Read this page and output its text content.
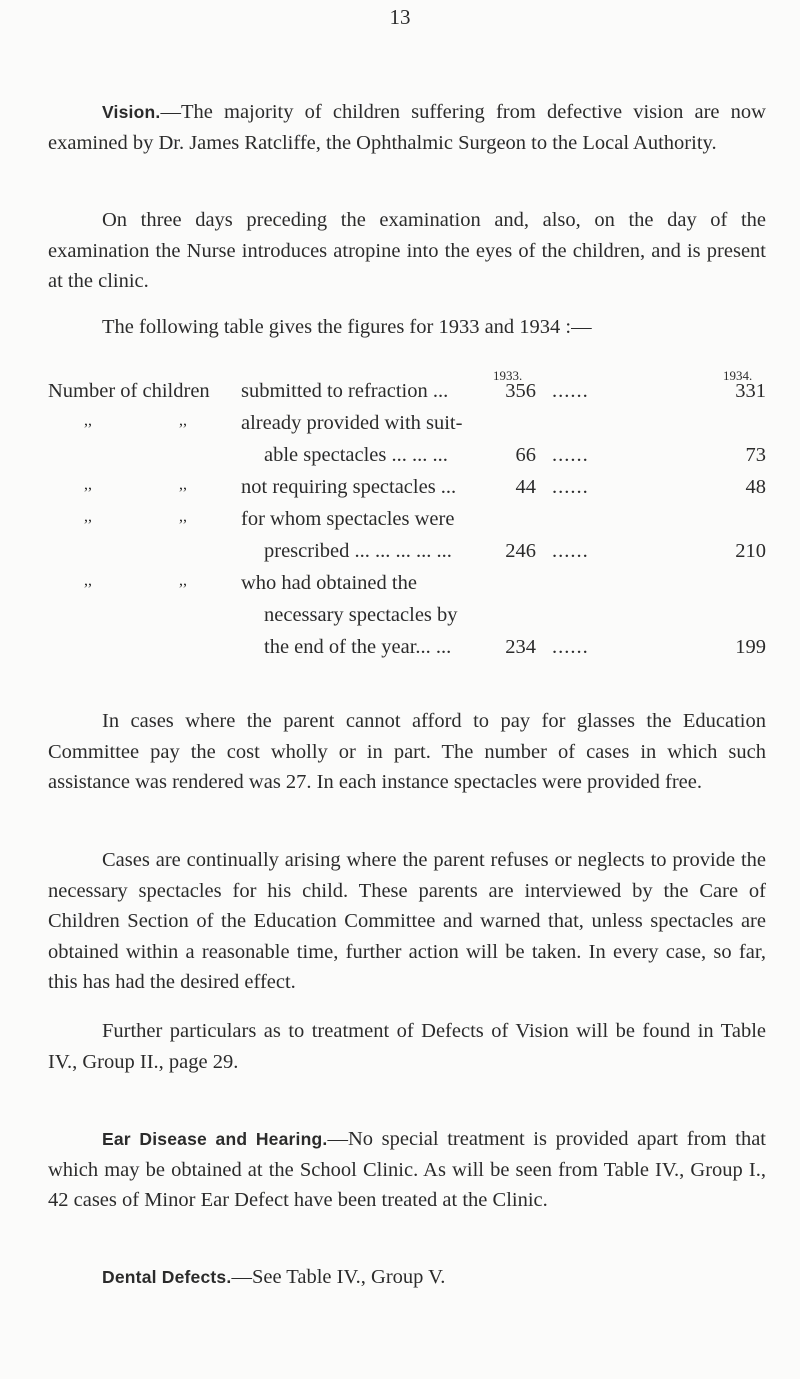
13

Vision.—The majority of children suffering from defective vision are now examined by Dr. James Ratcliffe, the Ophthalmic Surgeon to the Local Authority.

On three days preceding the examination and, also, on the day of the examination the Nurse introduces atropine into the eyes of the children, and is present at the clinic.

The following table gives the figures for 1933 and 1934 :—

1933.	1934.
Number of children submitted to refraction ...	356 ......	331
,,	,,	already provided with suit-
able spectacles ... ... ...	66 ......	73
,,	,,	not requiring spectacles ...	44 ......	48
,,	,,	for whom spectacles were
prescribed ... ... ... ... ...	246 ......	210
,,	,,	who had obtained the
necessary spectacles by
the end of the year... ...	234 ......	199

In cases where the parent cannot afford to pay for glasses the Education Committee pay the cost wholly or in part. The number of cases in which such assistance was rendered was 27. In each instance spectacles were provided free.

Cases are continually arising where the parent refuses or neglects to provide the necessary spectacles for his child. These parents are interviewed by the Care of Children Section of the Education Committee and warned that, unless spectacles are obtained within a reasonable time, further action will be taken. In every case, so far, this has had the desired effect.

Further particulars as to treatment of Defects of Vision will be found in Table IV., Group II., page 29.

Ear Disease and Hearing.—No special treatment is provided apart from that which may be obtained at the School Clinic. As will be seen from Table IV., Group I., 42 cases of Minor Ear Defect have been treated at the Clinic.

Dental Defects.—See Table IV., Group V.
